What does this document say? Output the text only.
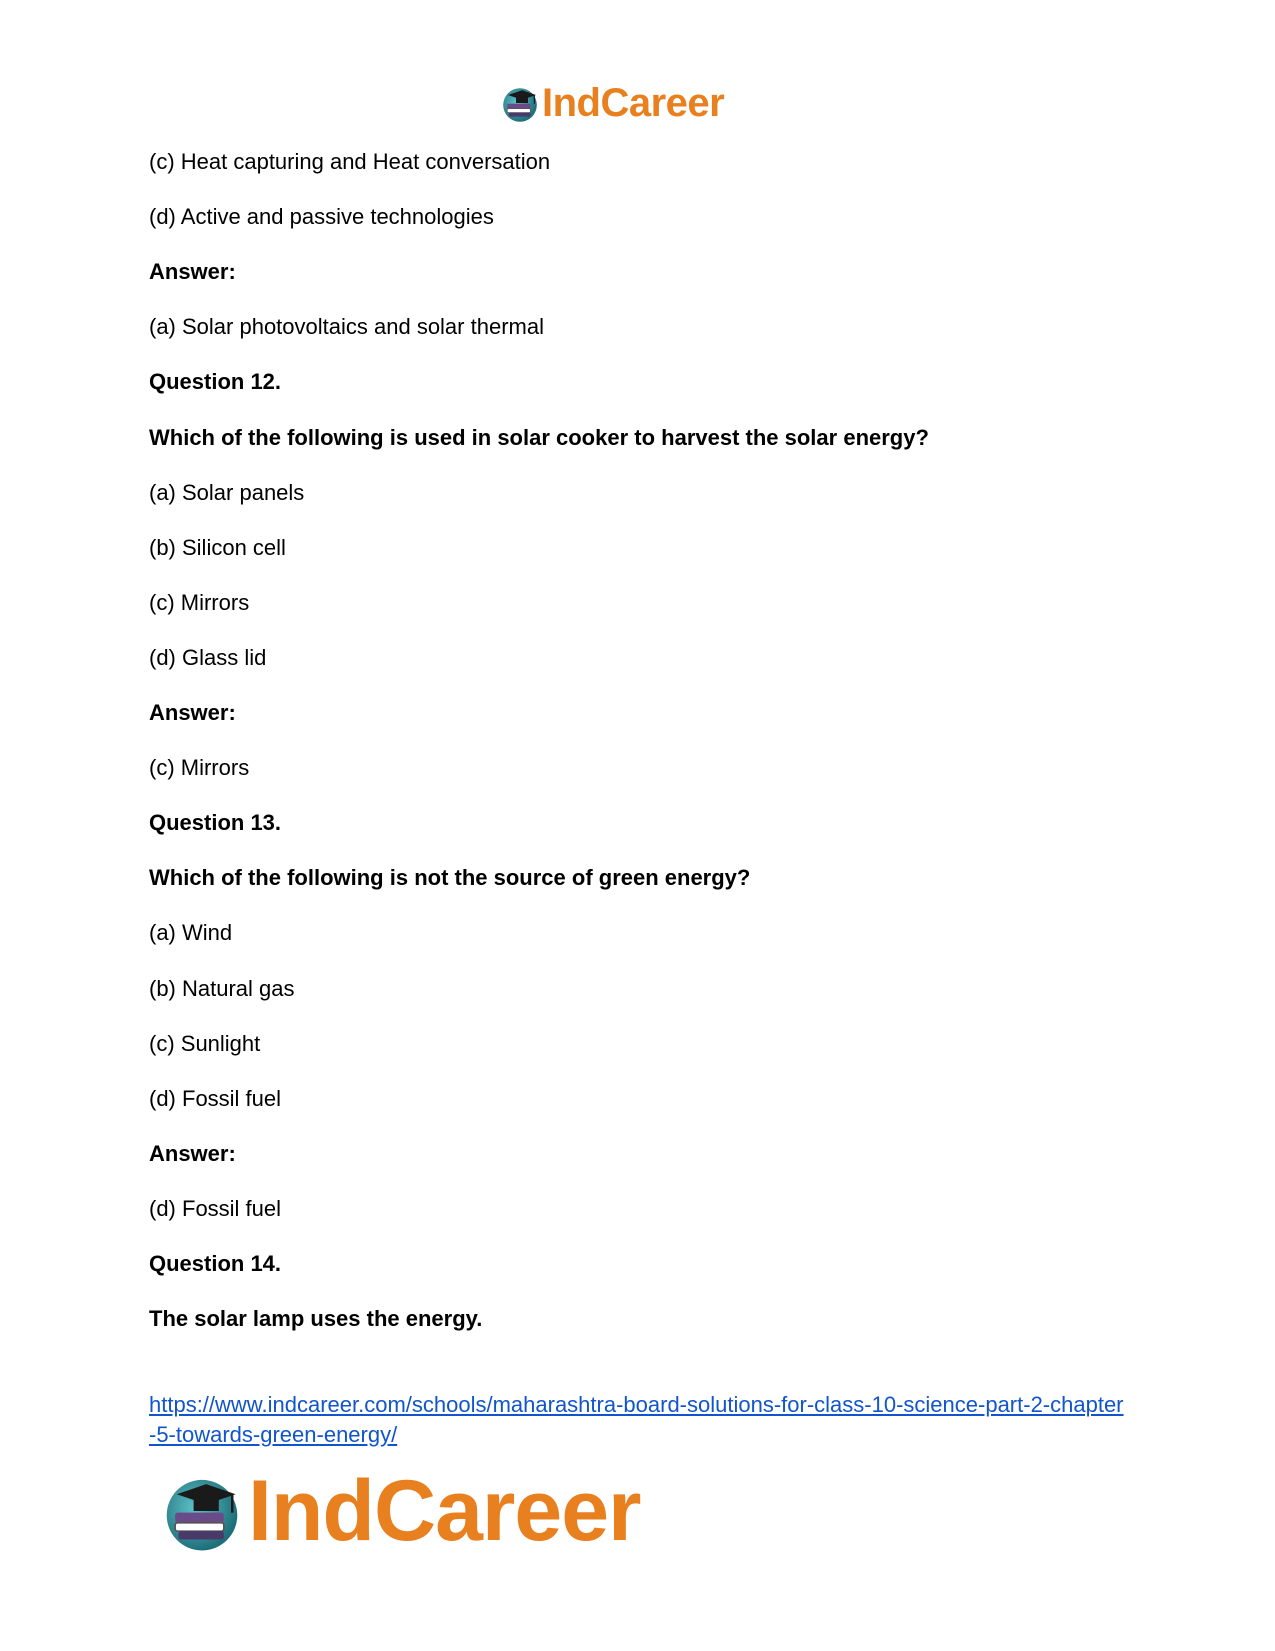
IndCareer
(c) Heat capturing and Heat conversation
(d) Active and passive technologies
Answer:
(a) Solar photovoltaics and solar thermal
Question 12.
Which of the following is used in solar cooker to harvest the solar energy?
(a) Solar panels
(b) Silicon cell
(c) Mirrors
(d) Glass lid
Answer:
(c) Mirrors
Question 13.
Which of the following is not the source of green energy?
(a) Wind
(b) Natural gas
(c) Sunlight
(d) Fossil fuel
Answer:
(d) Fossil fuel
Question 14.
The solar lamp uses the energy.
https://www.indcareer.com/schools/maharashtra-board-solutions-for-class-10-science-part-2-chapter-5-towards-green-energy/
IndCareer
